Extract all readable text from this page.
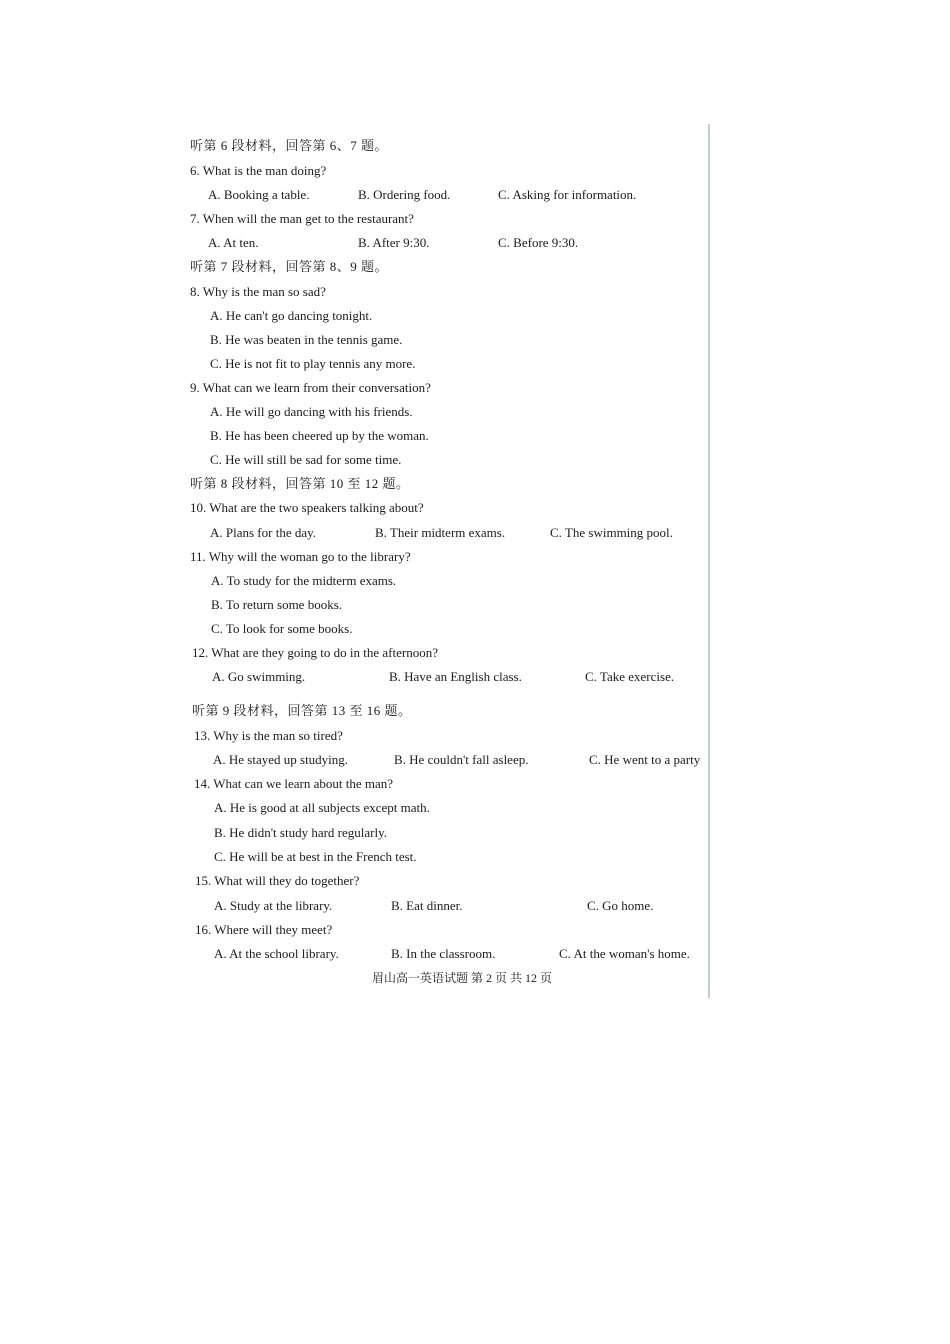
听第 6 段材料，回答第 6、7 题。
6. What is the man doing?
A. Booking a table.	B. Ordering food.	C. Asking for information.
7. When will the man get to the restaurant?
A. At ten.	B. After 9:30.	C. Before 9:30.
听第 7 段材料，回答第 8、9 题。
8. Why is the man so sad?
A. He can't go dancing tonight.
B. He was beaten in the tennis game.
C. He is not fit to play tennis any more.
9. What can we learn from their conversation?
A. He will go dancing with his friends.
B. He has been cheered up by the woman.
C. He will still be sad for some time.
听第 8 段材料，回答第 10 至 12 题。
10. What are the two speakers talking about?
A. Plans for the day.	B. Their midterm exams.	C. The swimming pool.
11. Why will the woman go to the library?
A. To study for the midterm exams.
B. To return some books.
C. To look for some books.
12. What are they going to do in the afternoon?
A. Go swimming.	B. Have an English class.	C. Take exercise.
听第 9 段材料，回答第 13 至 16 题。
13. Why is the man so tired?
A. He stayed up studying.	B. He couldn't fall asleep.	C. He went to a party
14. What can we learn about the man?
A. He is good at all subjects except math.
B. He didn't study hard regularly.
C. He will be at best in the French test.
15. What will they do together?
A. Study at the library.	B. Eat dinner.	C. Go home.
16. Where will they meet?
A. At the school library.	B. In the classroom.	C. At the woman's home.
眉山高一英语试题 第 2 页 共 12 页
